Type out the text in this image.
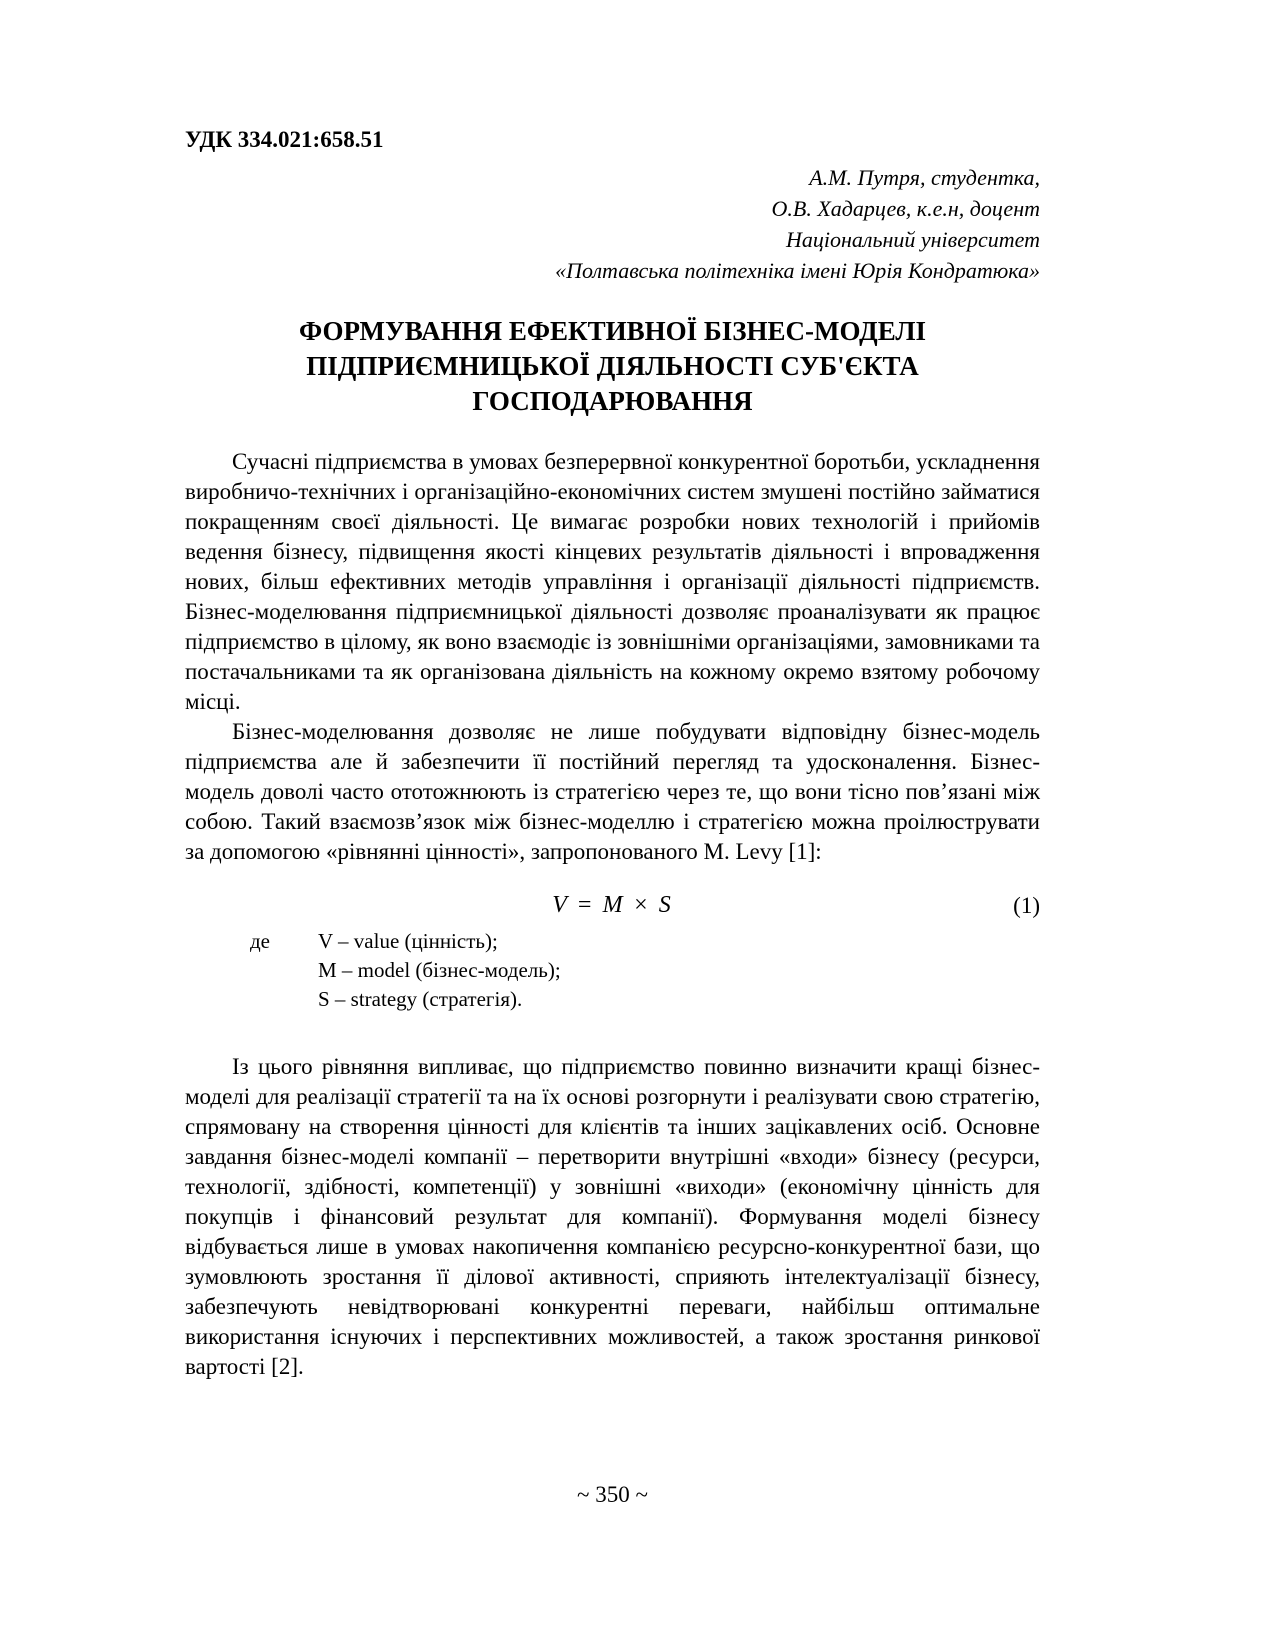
УДК 334.021:658.51
А.М. Путря, студентка,
О.В. Хадарцев, к.е.н, доцент
Національний університет
«Полтавська політехніка імені Юрія Кондратюка»
ФОРМУВАННЯ ЕФЕКТИВНОЇ БІЗНЕС-МОДЕЛІ
ПІДПРИЄМНИЦЬКОЇ ДІЯЛЬНОСТІ СУБ'ЄКТА
ГОСПОДАРЮВАННЯ

Сучасні підприємства в умовах безперервної конкурентної боротьби, ускладнення виробничо-технічних і організаційно-економічних систем змушені постійно займатися покращенням своєї діяльності. Це вимагає розробки нових технологій і прийомів ведення бізнесу, підвищення якості кінцевих результатів діяльності і впровадження нових, більш ефективних методів управління і організації діяльності підприємств. Бізнес-моделювання підприємницької діяльності дозволяє проаналізувати як працює підприємство в цілому, як воно взаємодіє із зовнішніми організаціями, замовниками та постачальниками та як організована діяльність на кожному окремо взятому робочому місці.

Бізнес-моделювання дозволяє не лише побудувати відповідну бізнес-модель підприємства але й забезпечити її постійний перегляд та удосконалення. Бізнес-модель доволі часто ототожнюють із стратегією через те, що вони тісно пов’язані між собою. Такий взаємозв’язок між бізнес-моделлю і стратегією можна проілюструвати за допомогою «рівнянні цінності», запропонованого M. Levy [1]:

V = M × S	(1)
де	V – value (цінність);
M – model (бізнес-модель);
S – strategy (стратегія).

Із цього рівняння випливає, що підприємство повинно визначити кращі бізнес-моделі для реалізації стратегії та на їх основі розгорнути і реалізувати свою стратегію, спрямовану на створення цінності для клієнтів та інших зацікавлених осіб. Основне завдання бізнес-моделі компанії – перетворити внутрішні «входи» бізнесу (ресурси, технології, здібності, компетенції) у зовнішні «виходи» (економічну цінність для покупців і фінансовий результат для компанії). Формування моделі бізнесу відбувається лише в умовах накопичення компанією ресурсно-конкурентної бази, що зумовлюють зростання її ділової активності, сприяють інтелектуалізації бізнесу, забезпечують невідтворювані конкурентні переваги, найбільш оптимальне використання існуючих і перспективних можливостей, а також зростання ринкової вартості [2].

~ 350 ~
